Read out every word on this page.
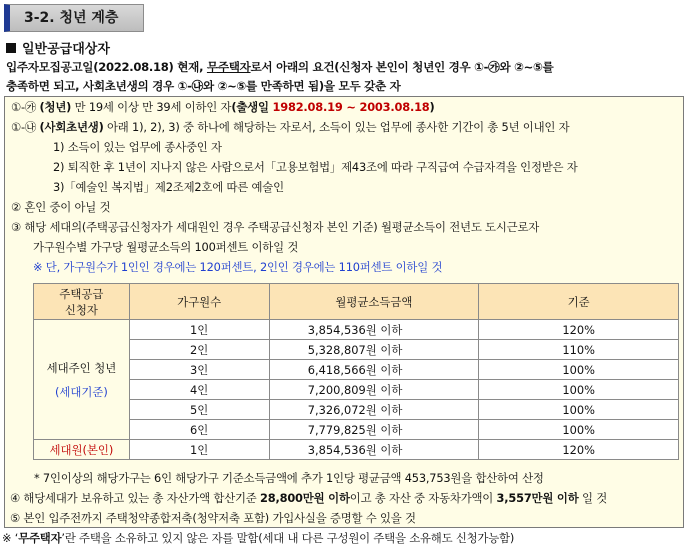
3-2. 청년 계층
일반공급대상자
입주자모집공고일(2022.08.18) 현재, 무주택자로서 아래의 요건(신청자 본인이 청년인 경우 ①-㉮와 ②~⑤를
충족하면 되고, 사회초년생의 경우 ①-㉯와 ②~⑤를 만족하면 됨)을 모두 갖춘 자
①-㉮ (청년) 만 19세 이상 만 39세 이하인 자(출생일 1982.08.19 ~ 2003.08.18)
①-㉯ (사회초년생) 아래 1), 2), 3) 중 하나에 해당하는 자로서, 소득이 있는 업무에 종사한 기간이 총 5년 이내인 자
1) 소득이 있는 업무에 종사중인 자
2) 퇴직한 후 1년이 지나지 않은 사람으로서「고용보험법」제43조에 따라 구직급여 수급자격을 인정받은 자
3)「예술인 복지법」제2조제2호에 따른 예술인
② 혼인 중이 아닐 것
③ 해당 세대의(주택공급신청자가 세대원인 경우 주택공급신청자 본인 기준) 월평균소득이 전년도 도시근로자
가구원수별 가구당 월평균소득의 100퍼센트 이하일 것
※ 단, 가구원수가 1인인 경우에는 120퍼센트, 2인인 경우에는 110퍼센트 이하일 것
주택공급
신청자	가구원수	월평균소득금액	기준

세대주인 청년
(세대기준)	1인	3,854,536원 이하	120%
	2인	5,328,807원 이하	110%
	3인	6,418,566원 이하	100%
	4인	7,200,809원 이하	100%
	5인	7,326,072원 이하	100%
	6인	7,779,825원 이하	100%
세대원(본인)	1인	3,854,536원 이하	120%
* 7인이상의 해당가구는 6인 해당가구 기준소득금액에 추가 1인당 평균금액 453,753원을 합산하여 산정
④ 해당세대가 보유하고 있는 총 자산가액 합산기준 28,800만원 이하이고 총 자산 중 자동차가액이 3,557만원 이하 일 것
⑤ 본인 입주전까지 주택청약종합저축(청약저축 포함) 가입사실을 증명할 수 있을 것
※ ‘무주택자’란 주택을 소유하고 있지 않은 자를 말함(세대 내 다른 구성원이 주택을 소유해도 신청가능함)
